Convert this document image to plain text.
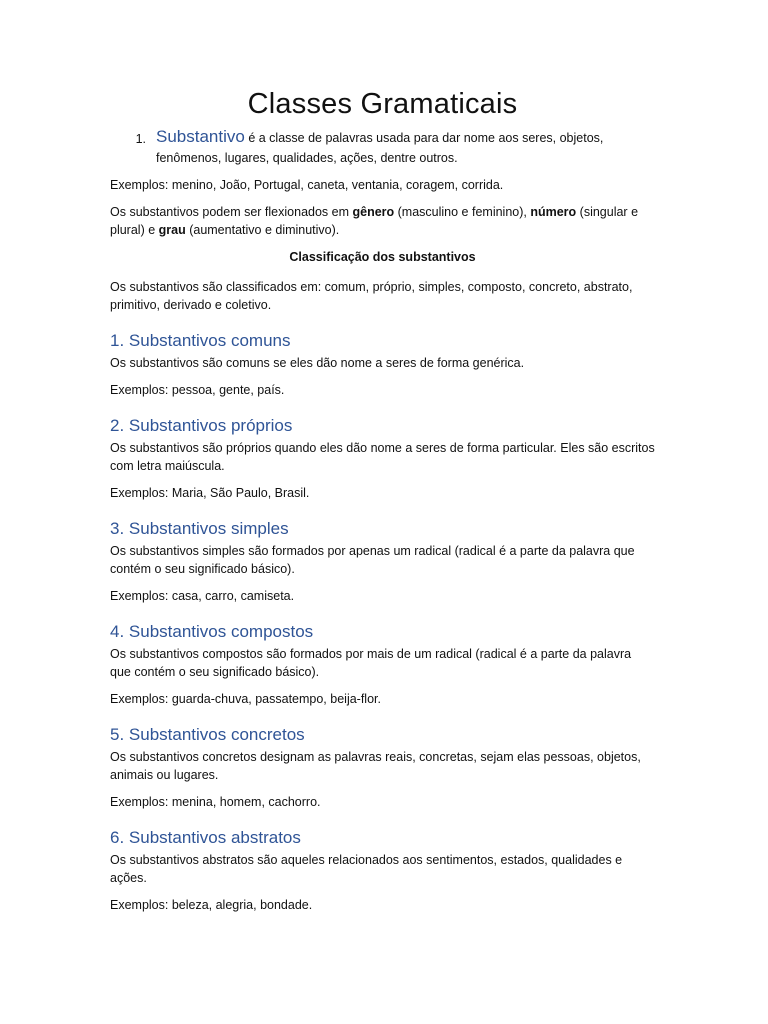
Classes Gramaticais
1. Substantivo é a classe de palavras usada para dar nome aos seres, objetos, fenômenos, lugares, qualidades, ações, dentre outros.

Exemplos: menino, João, Portugal, caneta, ventania, coragem, corrida.

Os substantivos podem ser flexionados em gênero (masculino e feminino), número (singular e plural) e grau (aumentativo e diminutivo).

Classificação dos substantivos

Os substantivos são classificados em: comum, próprio, simples, composto, concreto, abstrato, primitivo, derivado e coletivo.

1. Substantivos comuns

Os substantivos são comuns se eles dão nome a seres de forma genérica.

Exemplos: pessoa, gente, país.

2. Substantivos próprios

Os substantivos são próprios quando eles dão nome a seres de forma particular. Eles são escritos com letra maiúscula.

Exemplos: Maria, São Paulo, Brasil.

3. Substantivos simples

Os substantivos simples são formados por apenas um radical (radical é a parte da palavra que contém o seu significado básico).

Exemplos: casa, carro, camiseta.

4. Substantivos compostos

Os substantivos compostos são formados por mais de um radical (radical é a parte da palavra que contém o seu significado básico).

Exemplos: guarda-chuva, passatempo, beija-flor.

5. Substantivos concretos

Os substantivos concretos designam as palavras reais, concretas, sejam elas pessoas, objetos, animais ou lugares.

Exemplos: menina, homem, cachorro.

6. Substantivos abstratos

Os substantivos abstratos são aqueles relacionados aos sentimentos, estados, qualidades e ações.

Exemplos: beleza, alegria, bondade.
